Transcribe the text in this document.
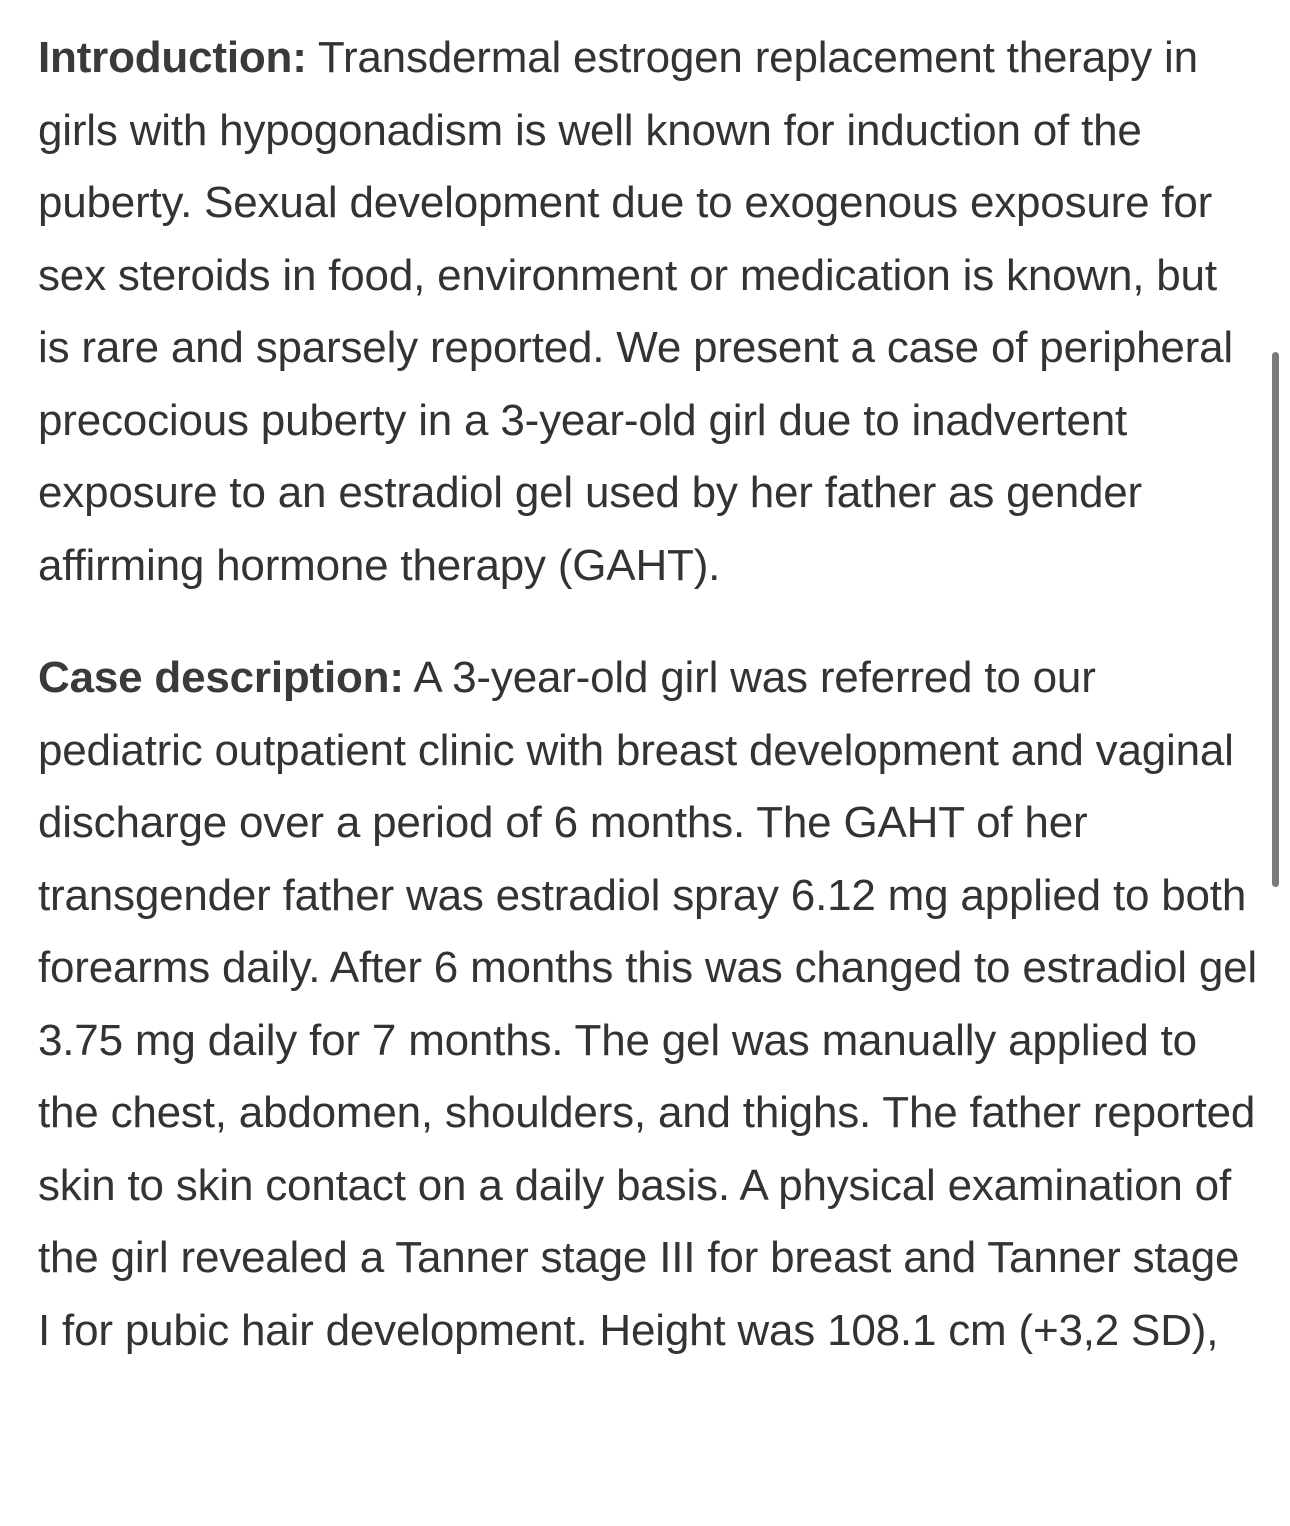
Introduction: Transdermal estrogen replacement therapy in girls with hypogonadism is well known for induction of the puberty. Sexual development due to exogenous exposure for sex steroids in food, environment or medication is known, but is rare and sparsely reported. We present a case of peripheral precocious puberty in a 3-year-old girl due to inadvertent exposure to an estradiol gel used by her father as gender affirming hormone therapy (GAHT).

Case description: A 3-year-old girl was referred to our pediatric outpatient clinic with breast development and vaginal discharge over a period of 6 months. The GAHT of her transgender father was estradiol spray 6.12 mg applied to both forearms daily. After 6 months this was changed to estradiol gel 3.75 mg daily for 7 months. The gel was manually applied to the chest, abdomen, shoulders, and thighs. The father reported skin to skin contact on a daily basis. A physical examination of the girl revealed a Tanner stage III for breast and Tanner stage I for pubic hair development. Height was 108.1 cm (+3,2 SD),
